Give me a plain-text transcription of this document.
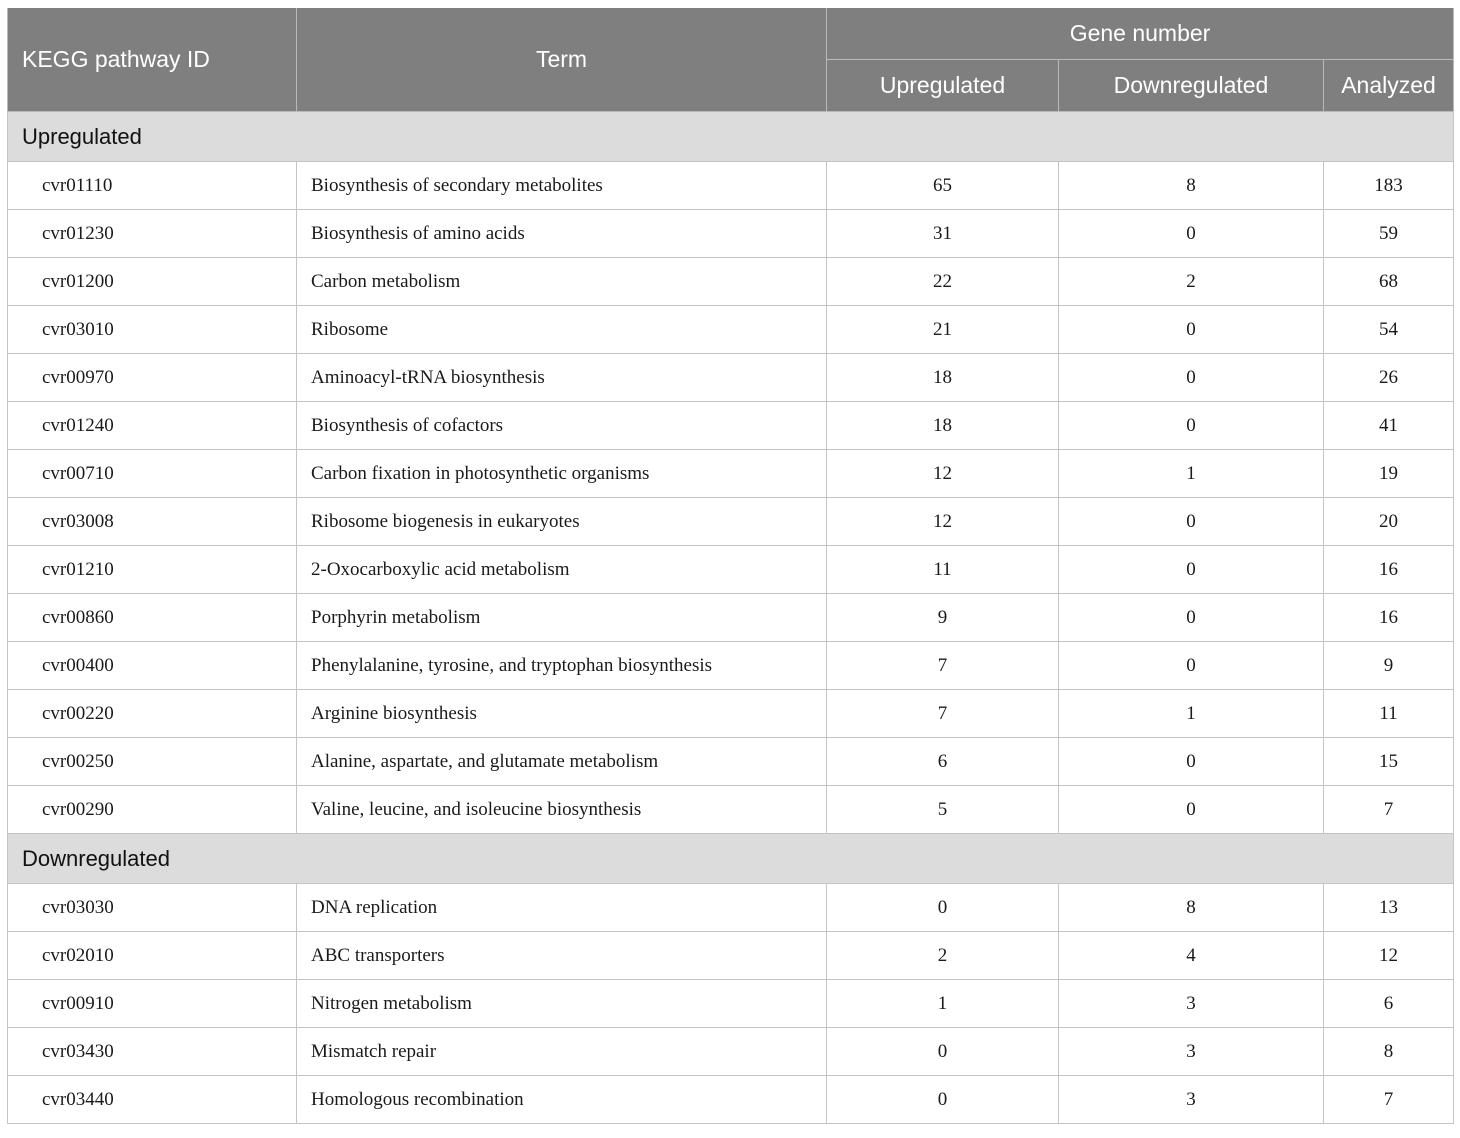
KEGG pathway ID	Term	Gene number		
		Upregulated	Downregulated	Analyzed
Upregulated				
cvr01110	Biosynthesis of secondary metabolites	65	8	183
cvr01230	Biosynthesis of amino acids	31	0	59
cvr01200	Carbon metabolism	22	2	68
cvr03010	Ribosome	21	0	54
cvr00970	Aminoacyl-tRNA biosynthesis	18	0	26
cvr01240	Biosynthesis of cofactors	18	0	41
cvr00710	Carbon fixation in photosynthetic organisms	12	1	19
cvr03008	Ribosome biogenesis in eukaryotes	12	0	20
cvr01210	2-Oxocarboxylic acid metabolism	11	0	16
cvr00860	Porphyrin metabolism	9	0	16
cvr00400	Phenylalanine, tyrosine, and tryptophan biosynthesis	7	0	9
cvr00220	Arginine biosynthesis	7	1	11
cvr00250	Alanine, aspartate, and glutamate metabolism	6	0	15
cvr00290	Valine, leucine, and isoleucine biosynthesis	5	0	7
Downregulated				
cvr03030	DNA replication	0	8	13
cvr02010	ABC transporters	2	4	12
cvr00910	Nitrogen metabolism	1	3	6
cvr03430	Mismatch repair	0	3	8
cvr03440	Homologous recombination	0	3	7
